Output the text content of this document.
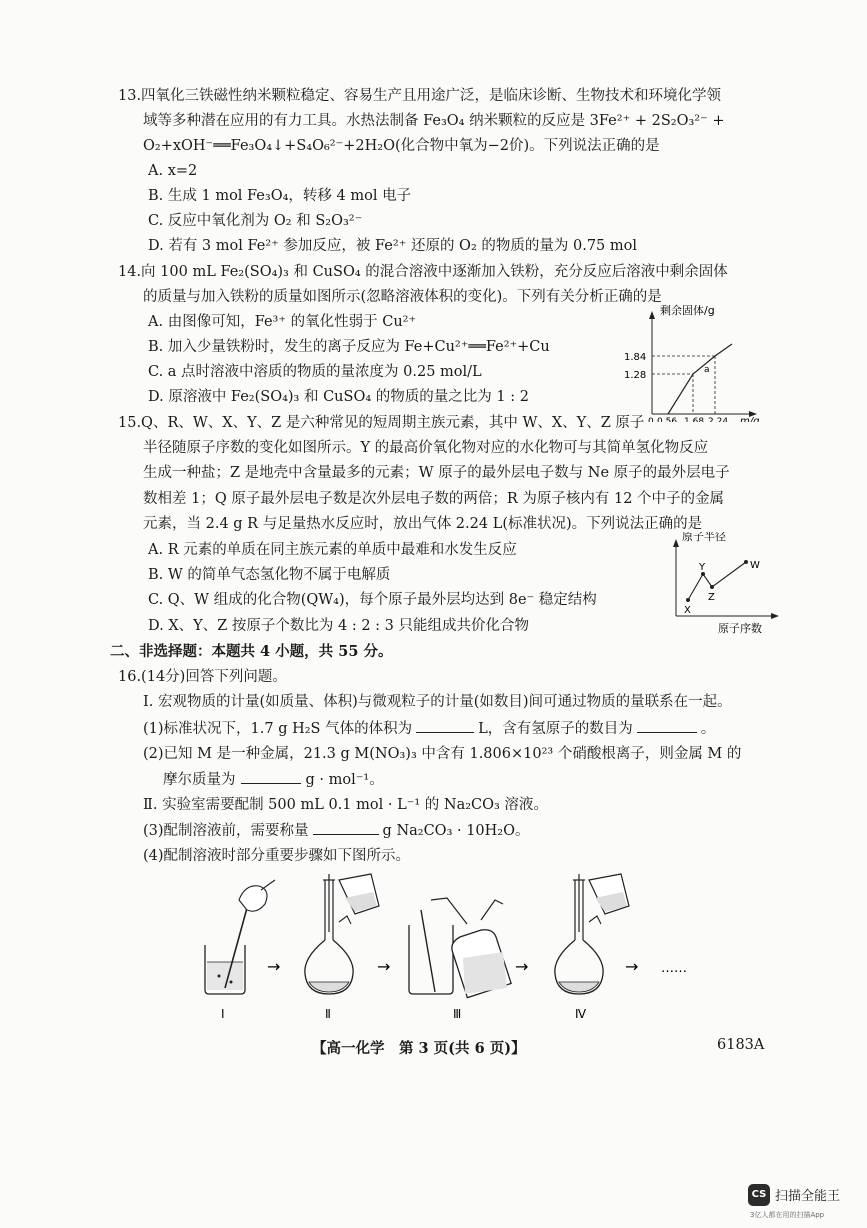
13.四氧化三铁磁性纳米颗粒稳定、容易生产且用途广泛，是临床诊断、生物技术和环境化学领
域等多种潜在应用的有力工具。水热法制备 Fe₃O₄ 纳米颗粒的反应是 3Fe²⁺ + 2S₂O₃²⁻ +
O₂+xOH⁻══Fe₃O₄↓+S₄O₆²⁻+2H₂O(化合物中氧为−2价)。下列说法正确的是
A. x=2
B. 生成 1 mol Fe₃O₄，转移 4 mol 电子
C. 反应中氧化剂为 O₂ 和 S₂O₃²⁻
D. 若有 3 mol Fe²⁺ 参加反应，被 Fe²⁺ 还原的 O₂ 的物质的量为 0.75 mol
14.向 100 mL Fe₂(SO₄)₃ 和 CuSO₄ 的混合溶液中逐渐加入铁粉，充分反应后溶液中剩余固体
的质量与加入铁粉的质量如图所示(忽略溶液体积的变化)。下列有关分析正确的是
A. 由图像可知，Fe³⁺ 的氧化性弱于 Cu²⁺
B. 加入少量铁粉时，发生的离子反应为 Fe+Cu²⁺══Fe²⁺+Cu
C. a 点时溶液中溶质的物质的量浓度为 0.25 mol/L
D. 原溶液中 Fe₂(SO₄)₃ 和 CuSO₄ 的物质的量之比为 1 : 2
剩余固体/g
1.84
1.28
0 0.56 1.68 2.24 m/g
a
15.Q、R、W、X、Y、Z 是六种常见的短周期主族元素，其中 W、X、Y、Z 原子
半径随原子序数的变化如图所示。Y 的最高价氧化物对应的水化物可与其简单氢化物反应
生成一种盐；Z 是地壳中含量最多的元素；W 原子的最外层电子数与 Ne 原子的最外层电子
数相差 1；Q 原子最外层电子数是次外层电子数的两倍；R 为原子核内有 12 个中子的金属
元素，当 2.4 g R 与足量热水反应时，放出气体 2.24 L(标准状况)。下列说法正确的是
A. R 元素的单质在同主族元素的单质中最难和水发生反应
B. W 的简单气态氢化物不属于电解质
C. Q、W 组成的化合物(QW₄)，每个原子最外层均达到 8e⁻ 稳定结构
D. X、Y、Z 按原子个数比为 4 : 2 : 3 只能组成共价化合物
原子半径
X
Y
Z
W
原子序数
二、非选择题：本题共 4 小题，共 55 分。
16.(14分)回答下列问题。
Ⅰ. 宏观物质的计量(如质量、体积)与微观粒子的计量(如数目)间可通过物质的量联系在一起。
(1)标准状况下，1.7 g H₂S 气体的体积为	L，含有氢原子的数目为	。
(2)已知 M 是一种金属，21.3 g M(NO₃)₃ 中含有 1.806×10²³ 个硝酸根离子，则金属 M 的
摩尔质量为	g · mol⁻¹。
Ⅱ. 实验室需要配制 500 mL 0.1 mol · L⁻¹ 的 Na₂CO₃ 溶液。
(3)配制溶液前，需要称量	g Na₂CO₃ · 10H₂O。
(4)配制溶液时部分重要步骤如下图所示。
Ⅰ
→
Ⅱ
→
Ⅲ
→
Ⅳ
→ ……
【高一化学　第 3 页(共 6 页)】	6183A
CS 扫描全能王
3亿人都在用的扫描App
